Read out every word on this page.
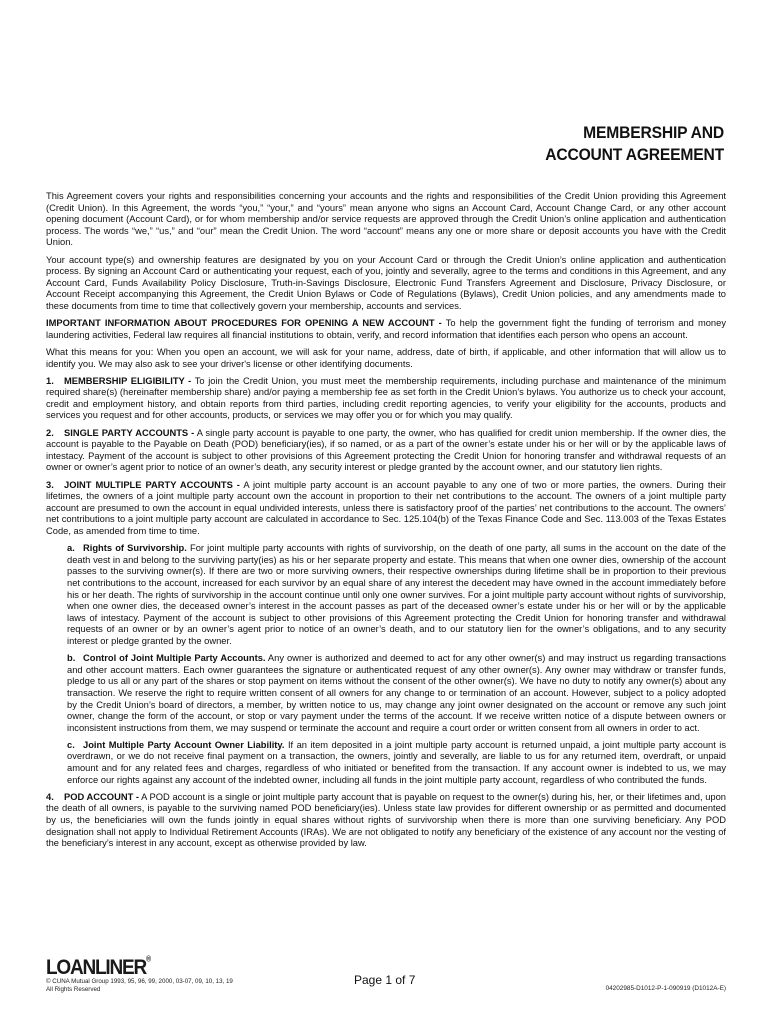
MEMBERSHIP AND
ACCOUNT AGREEMENT

This Agreement covers your rights and responsibilities concerning your accounts and the rights and responsibilities of the Credit Union providing this Agreement (Credit Union). In this Agreement, the words “you,” “your,” and “yours” mean anyone who signs an Account Card, Account Change Card, or any other account opening document (Account Card), or for whom membership and/or service requests are approved through the Credit Union’s online application and authentication process. The words “we,” “us,” and “our” mean the Credit Union. The word “account” means any one or more share or deposit accounts you have with the Credit Union.

Your account type(s) and ownership features are designated by you on your Account Card or through the Credit Union’s online application and authentication process. By signing an Account Card or authenticating your request, each of you, jointly and severally, agree to the terms and conditions in this Agreement, and any Account Card, Funds Availability Policy Disclosure, Truth-in-Savings Disclosure, Electronic Fund Transfers Agreement and Disclosure, Privacy Disclosure, or Account Receipt accompanying this Agreement, the Credit Union Bylaws or Code of Regulations (Bylaws), Credit Union policies, and any amendments made to these documents from time to time that collectively govern your membership, accounts and services.

IMPORTANT INFORMATION ABOUT PROCEDURES FOR OPENING A NEW ACCOUNT - To help the government fight the funding of terrorism and money laundering activities, Federal law requires all financial institutions to obtain, verify, and record information that identifies each person who opens an account.

What this means for you: When you open an account, we will ask for your name, address, date of birth, if applicable, and other information that will allow us to identify you. We may also ask to see your driver's license or other identifying documents.

1. MEMBERSHIP ELIGIBILITY - To join the Credit Union, you must meet the membership requirements, including purchase and maintenance of the minimum required share(s) (hereinafter membership share) and/or paying a membership fee as set forth in the Credit Union’s bylaws. You authorize us to check your account, credit and employment history, and obtain reports from third parties, including credit reporting agencies, to verify your eligibility for the accounts, products and services you request and for other accounts, products, or services we may offer you or for which you may qualify.

2. SINGLE PARTY ACCOUNTS - A single party account is payable to one party, the owner, who has qualified for credit union membership. If the owner dies, the account is payable to the Payable on Death (POD) beneficiary(ies), if so named, or as a part of the owner’s estate under his or her will or by the applicable laws of intestacy. Payment of the account is subject to other provisions of this Agreement protecting the Credit Union for honoring transfer and withdrawal requests of an owner or owner’s agent prior to notice of an owner’s death, any security interest or pledge granted by the account owner, and our statutory lien rights.

3. JOINT MULTIPLE PARTY ACCOUNTS - A joint multiple party account is an account payable to any one of two or more parties, the owners. During their lifetimes, the owners of a joint multiple party account own the account in proportion to their net contributions to the account. The owners of a joint multiple party account are presumed to own the account in equal undivided interests, unless there is satisfactory proof of the parties’ net contributions to the account. The owners’ net contributions to a joint multiple party account are calculated in accordance to Sec. 125.104(b) of the Texas Finance Code and Sec. 113.003 of the Texas Estates Code, as amended from time to time.

a. Rights of Survivorship. For joint multiple party accounts with rights of survivorship, on the death of one party, all sums in the account on the date of the death vest in and belong to the surviving party(ies) as his or her separate property and estate. This means that when one owner dies, ownership of the account passes to the surviving owner(s). If there are two or more surviving owners, their respective ownerships during lifetime shall be in proportion to their previous net contributions to the account, increased for each survivor by an equal share of any interest the decedent may have owned in the account immediately before his or her death. The rights of survivorship in the account continue until only one owner survives. For a joint multiple party account without rights of survivorship, when one owner dies, the deceased owner’s interest in the account passes as part of the deceased owner’s estate under his or her will or by the applicable laws of intestacy. Payment of the account is subject to other provisions of this Agreement protecting the Credit Union for honoring transfer and withdrawal requests of an owner or by an owner’s agent prior to notice of an owner’s death, and to our statutory lien for the owner’s obligations, and to any security interest or pledge granted by the owner.

b. Control of Joint Multiple Party Accounts. Any owner is authorized and deemed to act for any other owner(s) and may instruct us regarding transactions and other account matters. Each owner guarantees the signature or authenticated request of any other owner(s). Any owner may withdraw or transfer funds, pledge to us all or any part of the shares or stop payment on items without the consent of the other owner(s). We have no duty to notify any owner(s) about any transaction. We reserve the right to require written consent of all owners for any change to or termination of an account. However, subject to a policy adopted by the Credit Union’s board of directors, a member, by written notice to us, may change any joint owner designated on the account or remove any such joint owner, change the form of the account, or stop or vary payment under the terms of the account. If we receive written notice of a dispute between owners or inconsistent instructions from them, we may suspend or terminate the account and require a court order or written consent from all owners in order to act.

c. Joint Multiple Party Account Owner Liability. If an item deposited in a joint multiple party account is returned unpaid, a joint multiple party account is overdrawn, or we do not receive final payment on a transaction, the owners, jointly and severally, are liable to us for any returned item, overdraft, or unpaid amount and for any related fees and charges, regardless of who initiated or benefited from the transaction. If any account owner is indebted to us, we may enforce our rights against any account of the indebted owner, including all funds in the joint multiple party account, regardless of who contributed the funds.

4. POD ACCOUNT - A POD account is a single or joint multiple party account that is payable on request to the owner(s) during his, her, or their lifetimes and, upon the death of all owners, is payable to the surviving named POD beneficiary(ies). Unless state law provides for different ownership or as permitted and documented by us, the beneficiaries will own the funds jointly in equal shares without rights of survivorship when there is more than one surviving beneficiary. Any POD designation shall not apply to Individual Retirement Accounts (IRAs). We are not obligated to notify any beneficiary of the existence of any account nor the vesting of the beneficiary’s interest in any account, except as otherwise provided by law.

LOANLINER®
© CUNA Mutual Group 1993, 95, 96, 99, 2000, 03-07, 09, 10, 13, 19
All Rights Reserved
Page 1 of 7
04202985-D1012-P-1-090919 (D1012A-E)
